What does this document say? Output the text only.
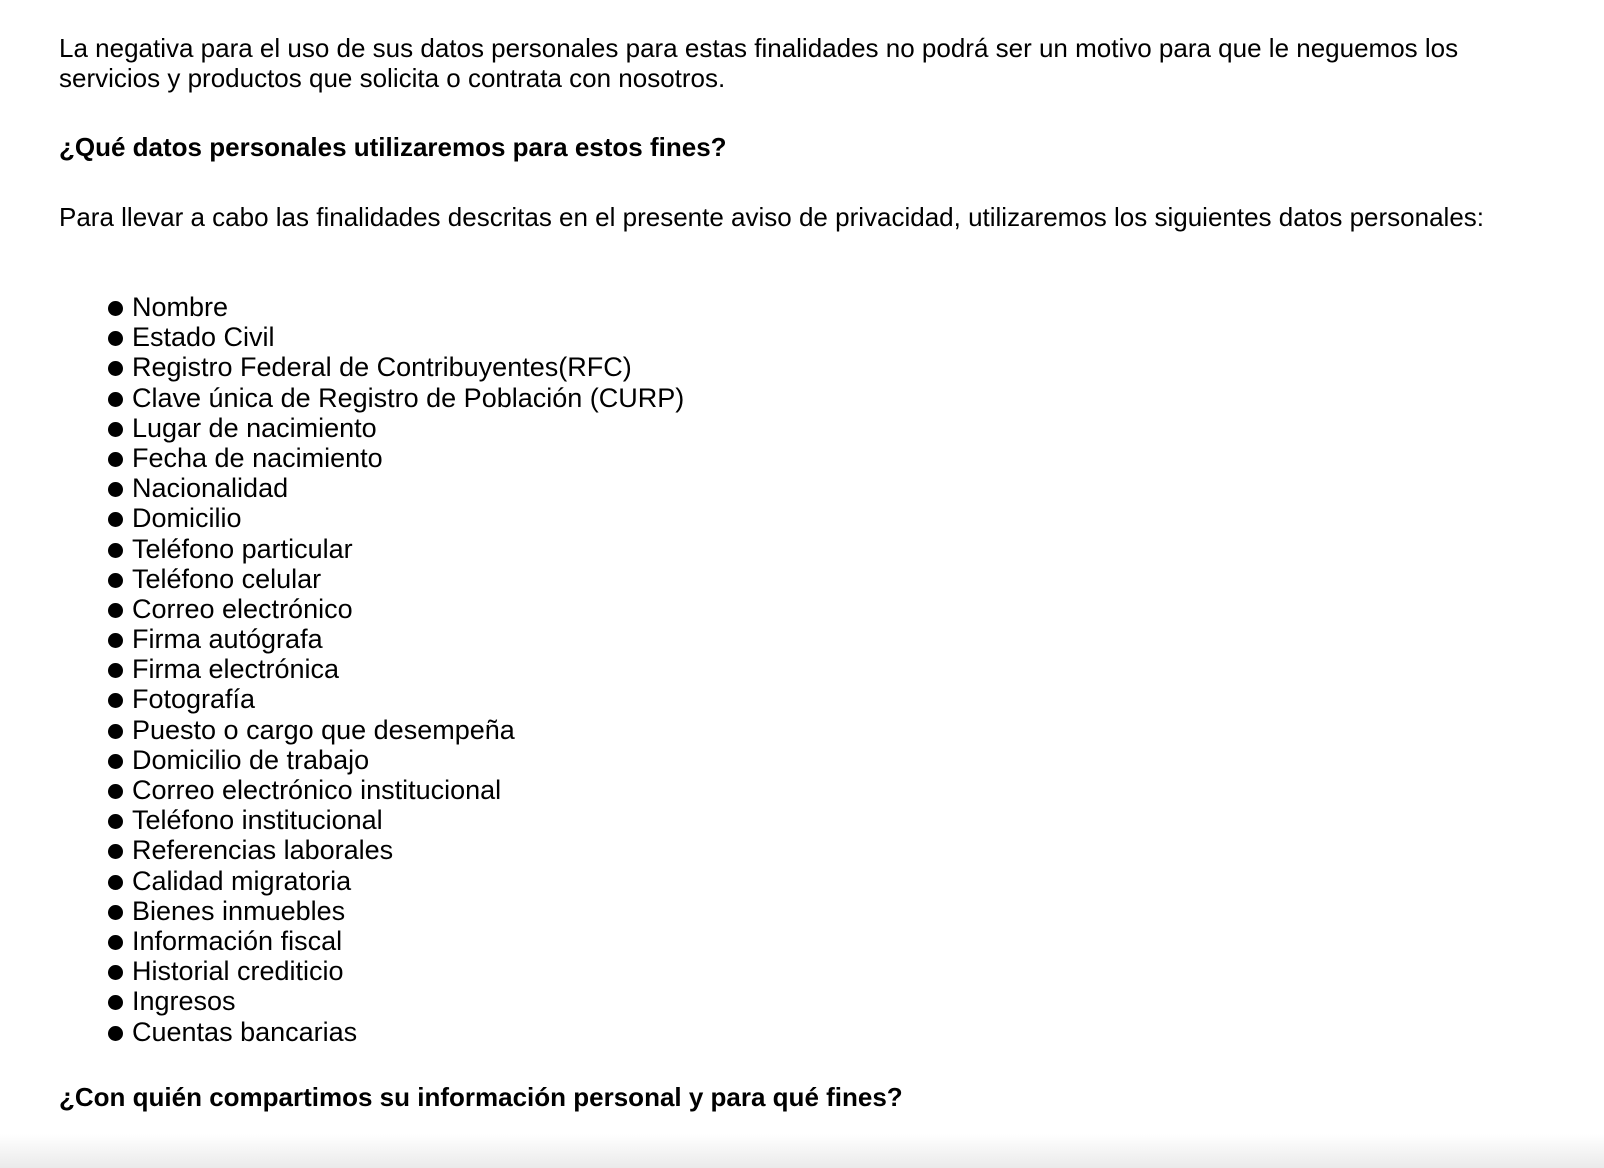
La negativa para el uso de sus datos personales para estas finalidades no podrá ser un motivo para que le neguemos los servicios y productos que solicita o contrata con nosotros.

¿Qué datos personales utilizaremos para estos fines?

Para llevar a cabo las finalidades descritas en el presente aviso de privacidad, utilizaremos los siguientes datos personales:

Nombre
Estado Civil
Registro Federal de Contribuyentes(RFC)
Clave única de Registro de Población (CURP)
Lugar de nacimiento
Fecha de nacimiento
Nacionalidad
Domicilio
Teléfono particular
Teléfono celular
Correo electrónico
Firma autógrafa
Firma electrónica
Fotografía
Puesto o cargo que desempeña
Domicilio de trabajo
Correo electrónico institucional
Teléfono institucional
Referencias laborales
Calidad migratoria
Bienes inmuebles
Información fiscal
Historial crediticio
Ingresos
Cuentas bancarias

¿Con quién compartimos su información personal y para qué fines?
